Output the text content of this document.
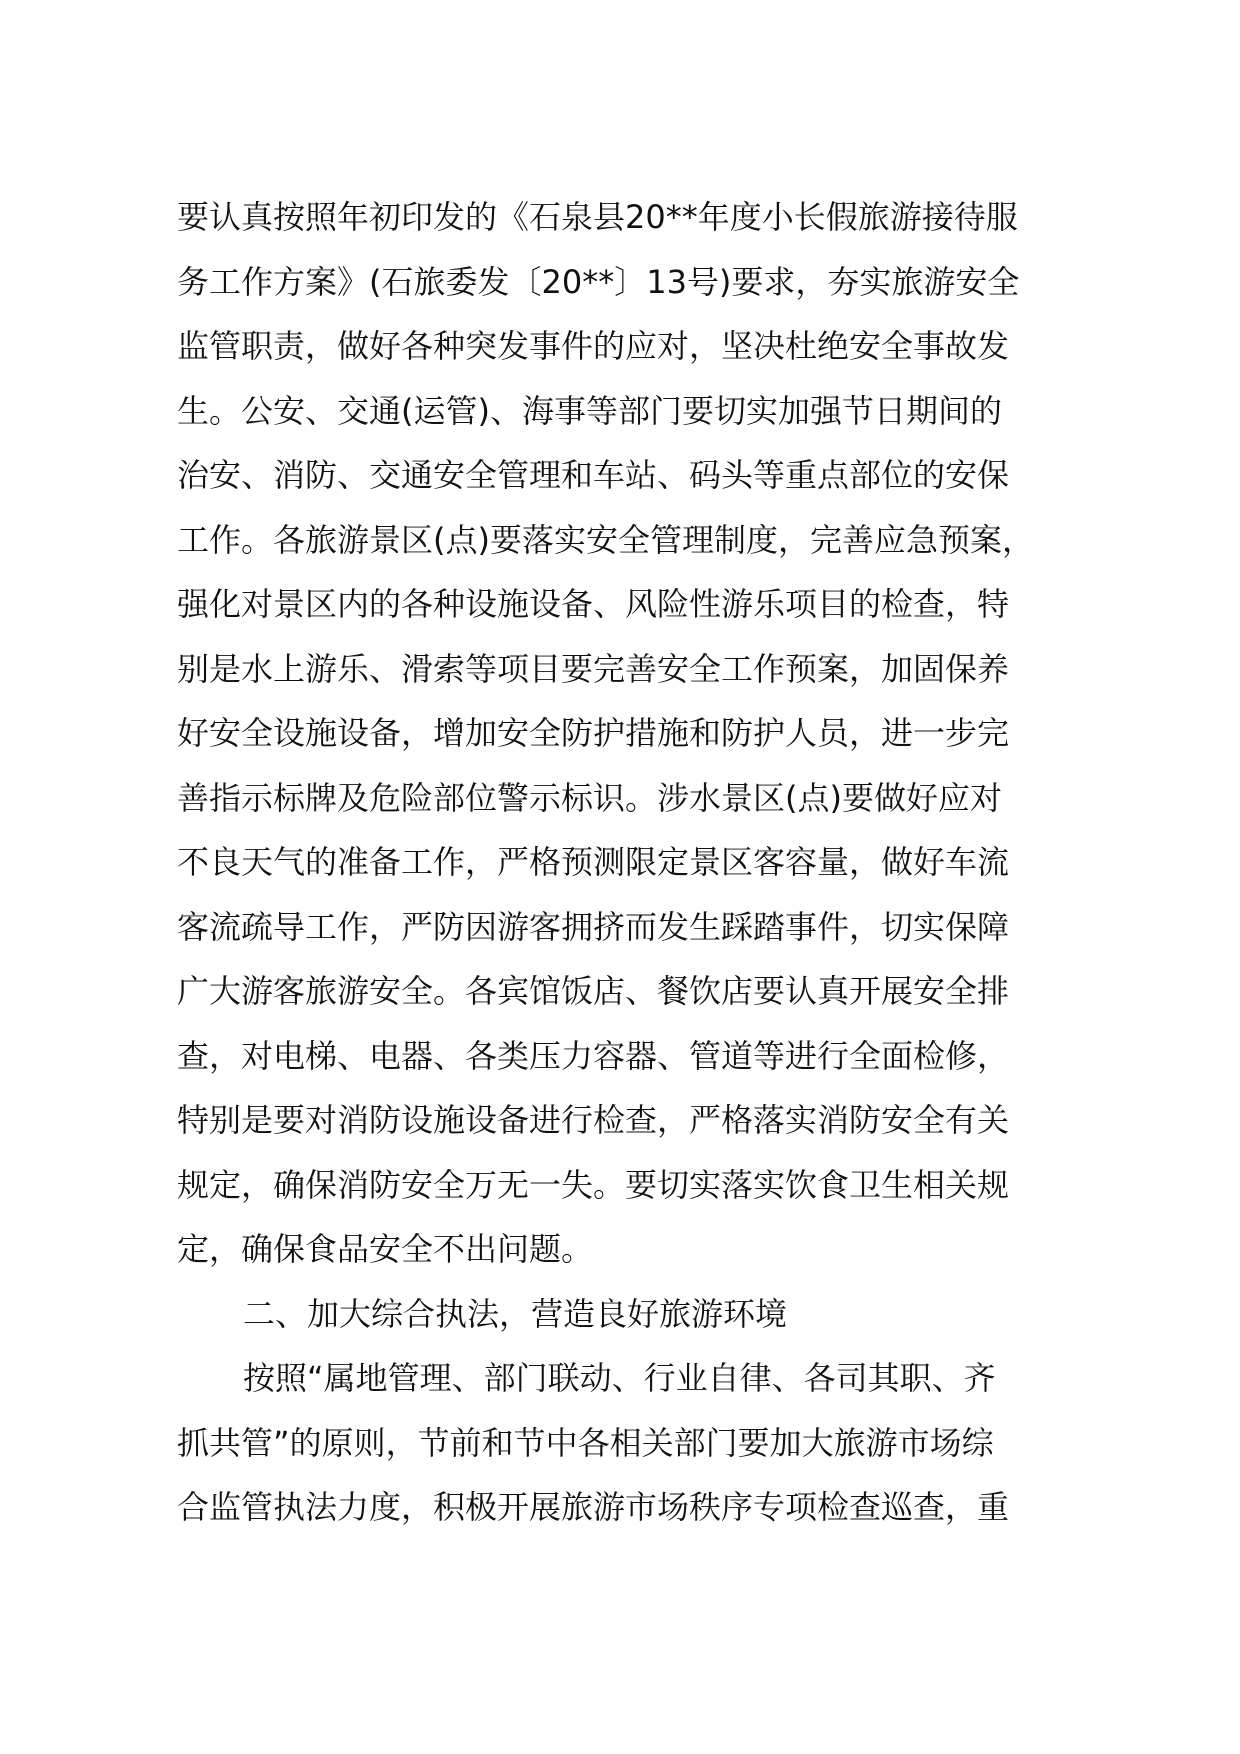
要认真按照年初印发的《石泉县20**年度小长假旅游接待服
务工作方案》(石旅委发〔20**〕13号)要求，夯实旅游安全
监管职责，做好各种突发事件的应对，坚决杜绝安全事故发
生。公安、交通(运管)、海事等部门要切实加强节日期间的
治安、消防、交通安全管理和车站、码头等重点部位的安保
工作。各旅游景区(点)要落实安全管理制度，完善应急预案，
强化对景区内的各种设施设备、风险性游乐项目的检查，特
别是水上游乐、滑索等项目要完善安全工作预案，加固保养
好安全设施设备，增加安全防护措施和防护人员，进一步完
善指示标牌及危险部位警示标识。涉水景区(点)要做好应对
不良天气的准备工作，严格预测限定景区客容量，做好车流
客流疏导工作，严防因游客拥挤而发生踩踏事件，切实保障
广大游客旅游安全。各宾馆饭店、餐饮店要认真开展安全排
查，对电梯、电器、各类压力容器、管道等进行全面检修，
特别是要对消防设施设备进行检查，严格落实消防安全有关
规定，确保消防安全万无一失。要切实落实饮食卫生相关规
定，确保食品安全不出问题。
二、加大综合执法，营造良好旅游环境
按照“属地管理、部门联动、行业自律、各司其职、齐
抓共管”的原则，节前和节中各相关部门要加大旅游市场综
合监管执法力度，积极开展旅游市场秩序专项检查巡查，重
